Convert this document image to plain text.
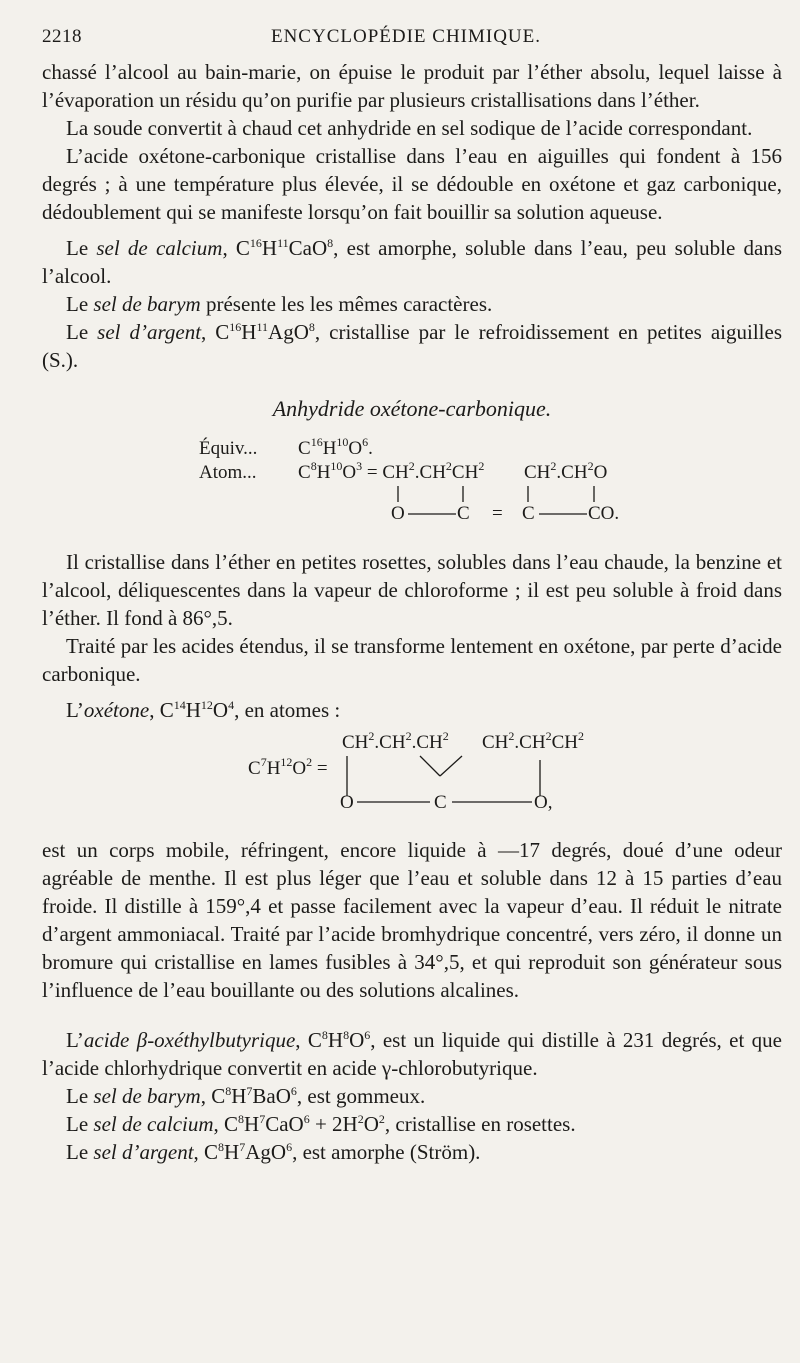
2218	ENCYCLOPÉDIE CHIMIQUE.

chassé l’alcool au bain-marie, on épuise le produit par l’éther absolu, lequel laisse à l’évaporation un résidu qu’on purifie par plusieurs cristallisations dans l’éther.

La soude convertit à chaud cet anhydride en sel sodique de l’acide correspondant.

L’acide oxétone-carbonique cristallise dans l’eau en aiguilles qui fondent à 156 degrés ; à une température plus élevée, il se dédouble en oxétone et gaz carbonique, dédoublement qui se manifeste lorsqu’on fait bouillir sa solution aqueuse.

Le sel de calcium, $C^{16}H^{11}CaO^8$, est amorphe, soluble dans l’eau, peu soluble dans l’alcool.

Le sel de barym présente les les mêmes caractères.

Le sel d’argent, $C^{16}H^{11}AgO^8$, cristallise par le refroidissement en petites aiguilles (S.).

Anhydride oxétone-carbonique.
Équiv... $C^{16}H^{10}O^6$.
Atom... $C^8H^{10}O^3 = CH^2.CH^2CH^2$ $CH^2.CH^2O$
O	C = C	CO.

Il cristallise dans l’éther en petites rosettes, solubles dans l’eau chaude, la benzine et l’alcool, déliquescentes dans la vapeur de chloroforme ; il est peu soluble à froid dans l’éther. Il fond à 86°,5.

Traité par les acides étendus, il se transforme lentement en oxétone, par perte d’acide carbonique.

L’oxétone, $C^{14}H^{12}O^4$, en atomes :

$CH^2.CH^2.CH^2$ $CH^2.CH^2CH^2$
$C^7H^{12}O^2$ =
O	C	O,

est un corps mobile, réfringent, encore liquide à —17 degrés, doué d’une odeur agréable de menthe. Il est plus léger que l’eau et soluble dans 12 à 15 parties d’eau froide. Il distille à 159°,4 et passe facilement avec la vapeur d’eau. Il réduit le nitrate d’argent ammoniacal. Traité par l’acide bromhydrique concentré, vers zéro, il donne un bromure qui cristallise en lames fusibles à 34°,5, et qui reproduit son générateur sous l’influence de l’eau bouillante ou des solutions alcalines.

L’acide β-oxéthylbutyrique, $C^8H^8O^6$, est un liquide qui distille à 231 degrés, et que l’acide chlorhydrique convertit en acide γ-chlorobutyrique.

Le sel de barym, $C^8H^7BaO^6$, est gommeux.

Le sel de calcium, $C^8H^7CaO^6 + 2H^2O^2$, cristallise en rosettes.

Le sel d’argent, $C^8H^7AgO^6$, est amorphe (Ström).
